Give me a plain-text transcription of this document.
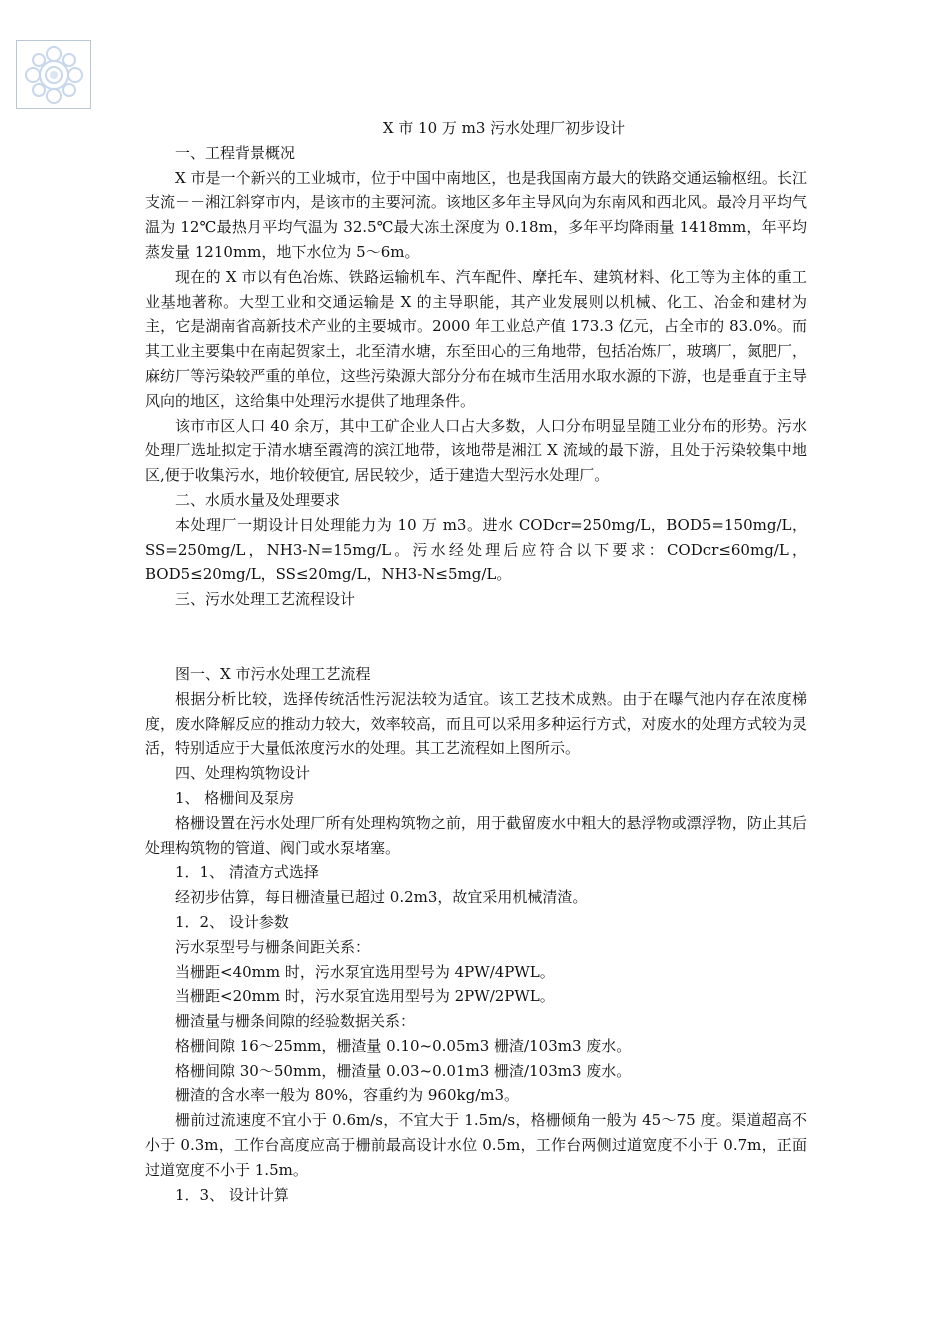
X 市 10 万 m3 污水处理厂初步设计
一、工程背景概况
X 市是一个新兴的工业城市，位于中国中南地区，也是我国南方最大的铁路交通运输枢纽。长江支流－－湘江斜穿市内，是该市的主要河流。该地区多年主导风向为东南风和西北风。最冷月平均气温为 12℃最热月平均气温为 32.5℃最大冻土深度为 0.18m，多年平均降雨量 1418mm，年平均蒸发量 1210mm，地下水位为 5～6m。
现在的 X 市以有色冶炼、铁路运输机车、汽车配件、摩托车、建筑材料、化工等为主体的重工业基地著称。大型工业和交通运输是 X 的主导职能，其产业发展则以机械、化工、冶金和建材为主，它是湖南省高新技术产业的主要城市。2000 年工业总产值 173.3 亿元，占全市的 83.0%。而其工业主要集中在南起贺家土，北至清水塘，东至田心的三角地带，包括冶炼厂，玻璃厂，氮肥厂，麻纺厂等污染较严重的单位，这些污染源大部分分布在城市生活用水取水源的下游，也是垂直于主导风向的地区，这给集中处理污水提供了地理条件。
该市市区人口 40 余万，其中工矿企业人口占大多数，人口分布明显呈随工业分布的形势。污水处理厂选址拟定于清水塘至霞湾的滨江地带，该地带是湘江 X 流域的最下游，且处于污染较集中地区,便于收集污水，地价较便宜, 居民较少，适于建造大型污水处理厂。
二、水质水量及处理要求
本处理厂一期设计日处理能力为 10 万 m3。进水 CODcr=250mg/L，BOD5=150mg/L，SS=250mg/L，NH3-N=15mg/L。污水经处理后应符合以下要求：CODcr≤60mg/L，BOD5≤20mg/L，SS≤20mg/L，NH3-N≤5mg/L。
三、污水处理工艺流程设计
图一、X 市污水处理工艺流程
根据分析比较，选择传统活性污泥法较为适宜。该工艺技术成熟。由于在曝气池内存在浓度梯度，废水降解反应的推动力较大，效率较高，而且可以采用多种运行方式，对废水的处理方式较为灵活，特别适应于大量低浓度污水的处理。其工艺流程如上图所示。
四、处理构筑物设计
1、 格栅间及泵房
格栅设置在污水处理厂所有处理构筑物之前，用于截留废水中粗大的悬浮物或漂浮物，防止其后处理构筑物的管道、阀门或水泵堵塞。
1．1、 清渣方式选择
经初步估算，每日栅渣量已超过 0.2m3，故宜采用机械清渣。
1．2、 设计参数
污水泵型号与栅条间距关系：
当栅距<40mm 时，污水泵宜选用型号为 4PW/4PWL。
当栅距<20mm 时，污水泵宜选用型号为 2PW/2PWL。
栅渣量与栅条间隙的经验数据关系：
格栅间隙 16～25mm，栅渣量 0.10~0.05m3 栅渣/103m3 废水。
格栅间隙 30～50mm，栅渣量 0.03~0.01m3 栅渣/103m3 废水。
栅渣的含水率一般为 80%，容重约为 960kg/m3。
栅前过流速度不宜小于 0.6m/s，不宜大于 1.5m/s，格栅倾角一般为 45～75 度。渠道超高不小于 0.3m，工作台高度应高于栅前最高设计水位 0.5m，工作台两侧过道宽度不小于 0.7m，正面过道宽度不小于 1.5m。
1．3、 设计计算
